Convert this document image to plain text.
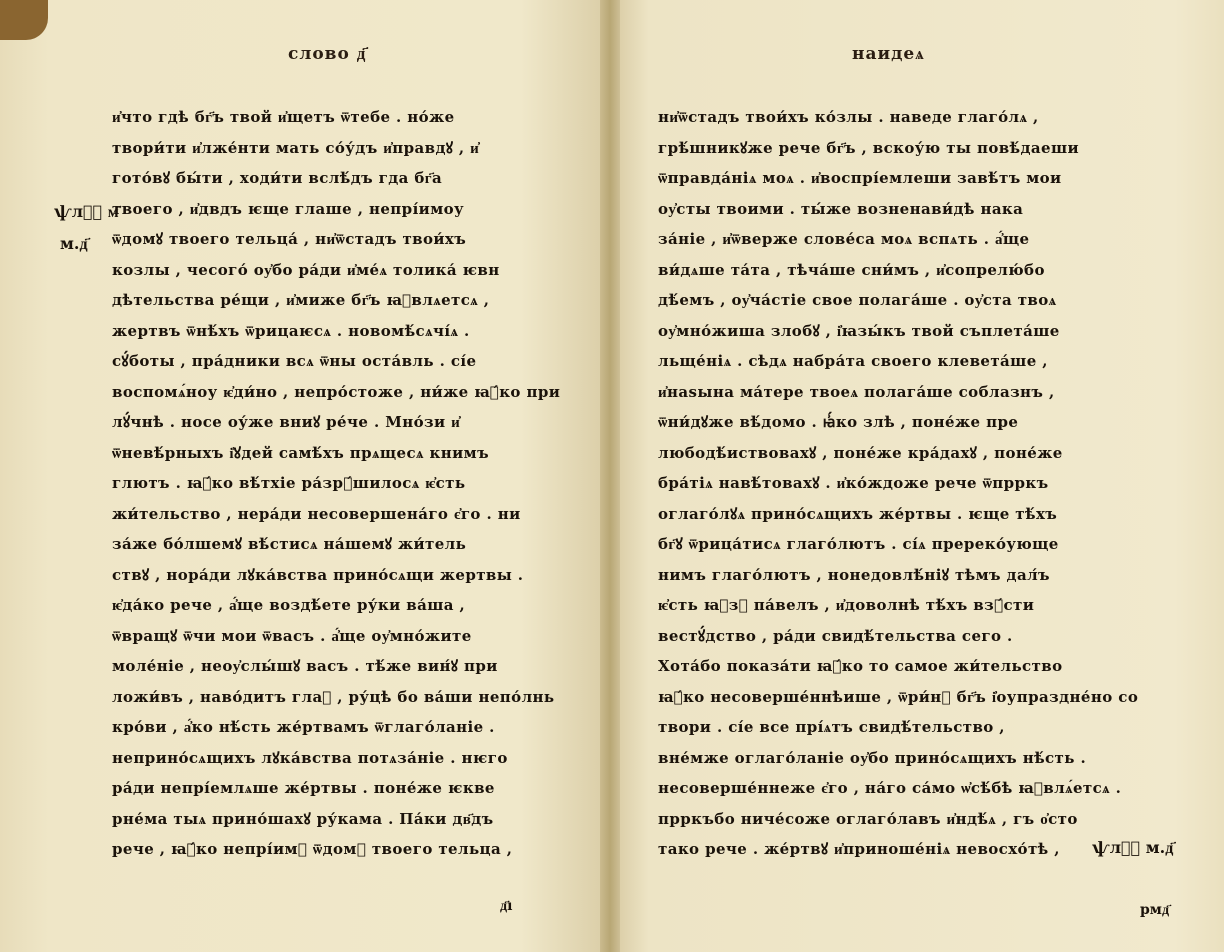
слово д҃
ѱлⷪ҇ м҃
м.д҃
и҆что гдѣ бг҃ъ твой и҆щетъ ѿтебе . но́же
твори́ти и҆лже́нти мать со́у́дъ и҆правдꙋ , и҆
гото́вꙋ бы́ти , ходи́ти вслѣ́дъ гда бг҃а
твоего , и҆двдъ ѥще глаше , непрі́имоу
ѿдомꙋ твоего тельца́ , ни҆ѿстадъ твои́хъ
козлы , чесого́ оу҆бо ра́ди и҆ме́ѧ толика́ ѥвн
дѣтельства ре́щи , и҆миже бг҃ъ ꙗ҆влѧетсѧ ,
жертвъ ѿнѣ́хъ ѿрицаѥсѧ . новомѣ́сѧчі́ѧ .
сꙋ́боты , пра́дники всѧ ѿны оста́вль . сі́е
воспомѧ́ноу ѥ҆ди́но , непро́стоже , ни́же ꙗ҆́ко при
лꙋ́чнѣ . носе оу́же вниꙋ ре́че . Мно́зи и҆
ѿневѣ́рныхъ і҆ꙋдей самѣ́хъ прѧщесѧ книмъ
глютъ . ꙗ҆́ко вѣ́тхіе ра́зрꙋ́шилосѧ ѥ҆сть
жи́тельство , нера́ди несовершена́го є҆го . ни
за́же бо́лшемꙋ вѣ́стисѧ на́шемꙋ жи́тель
ствꙋ , нора́ди лꙋка́вства прино́сѧщи жертвы .
ѥ҆да́ко рече , а҆́ще воздѣ́ете ру́ки ва́ша ,
ѿвращꙋ ѿчи мои ѿвасъ . а҆́ще оу҆мно́жите
моле́ніе , неоу҆слы́шꙋ васъ . тѣ́же вин́ꙋ при
ложи́въ , наво́дитъ глаⷤ , ру́цѣ бо ва́ши непо́лнь
кро́ви , а҆́ко нѣ́сть же́ртвамъ ѿглаго́ланіе .
неприно́сѧщихъ лꙋка́вства потѧза́ніе . нѥго
ра́ди непрі́емлѧше же́ртвы . поне́же ѥкве
рне́ма тыѧ прино́шахꙋ ру́кама . Па́ки дв҃дъ
рече , ꙗ҆́ко непрі́имꙋ ѿдомꙋ твоего тельца ,
д҃ı
наидеѧ
ни҆ѿстадъ твои́хъ ко́злы . наведе глаго́лѧ ,
грѣ́шникꙋже рече бг҃ъ , вскоу́ю ты повѣ́даеши
ѿправда́ніѧ моѧ . и҆воспрі́емлеши завѣ́тъ мои
оу҆сты твоими . ты́же возненави́дѣ нака
за́ніе , и҆ѿверже слове́са моѧ вспѧть . а҆́ще
ви́дѧше та́та , тѣча́ше сни́мъ , и҆сопрелю́бо
дѣ́емъ , оу҆ча́стіе свое полага́ше . оу҆ста твоѧ
оу҆мно́жиша злобꙋ , і҆ꙗзы́къ твой съплета́ше
льще́ніѧ . сѣдѧ набра́та своего клевета́ше ,
и҆наѕына ма́тере твоеѧ полага́ше соблазнъ ,
ѿни́дꙋже вѣ́домо . ꙗ҆́ко злѣ , поне́же пре
любодѣ́иствовахꙋ , поне́же кра́дахꙋ , поне́же
бра́тіѧ навѣ́товахꙋ . и҆ко́ждоже рече ѿпрркъ
оглаго́лꙋѧ прино́сѧщихъ же́ртвы . ѥще тѣ́хъ
бг҃ꙋ ѿрица́тисѧ глаго́лютъ . сі́ѧ пререко́ующе
нимъ глаго́лютъ , нонедовлѣ́ніꙋ тѣмъ дал́ъ
ѥ҆сть ꙗ҆зꙋ па́велъ , и҆доволнѣ тѣ́хъ взꙋ́сти
вестꙋ́дство , ра́ди свидѣ́тельства сего .
Хота́бо показа́ти ꙗ҆́ко то самое жи́тельство
ꙗ҆́ко несоверше́ннѣише , ѿри́нꙋ бг҃ъ і҆оупраздне́но со
твори . сі́е все прі́ѧтъ свидѣ́тельство ,
вне́мже оглаго́ланіе оу҆бо прино́сѧщихъ нѣ́сть .
несоверше́ннеже є҆го , на́го са́мо ѡ҆сѣ́бѣ ꙗ҆влѧ́етсѧ .
прркъбо ниче́соже оглаго́лавъ и҆ндѣ́ѧ , гъ о҆сто
тако рече . же́ртвꙋ и҆приноше́ніѧ невосхо́тѣ ,	ѱлⷪ҇ м.д҃
рмд҃
